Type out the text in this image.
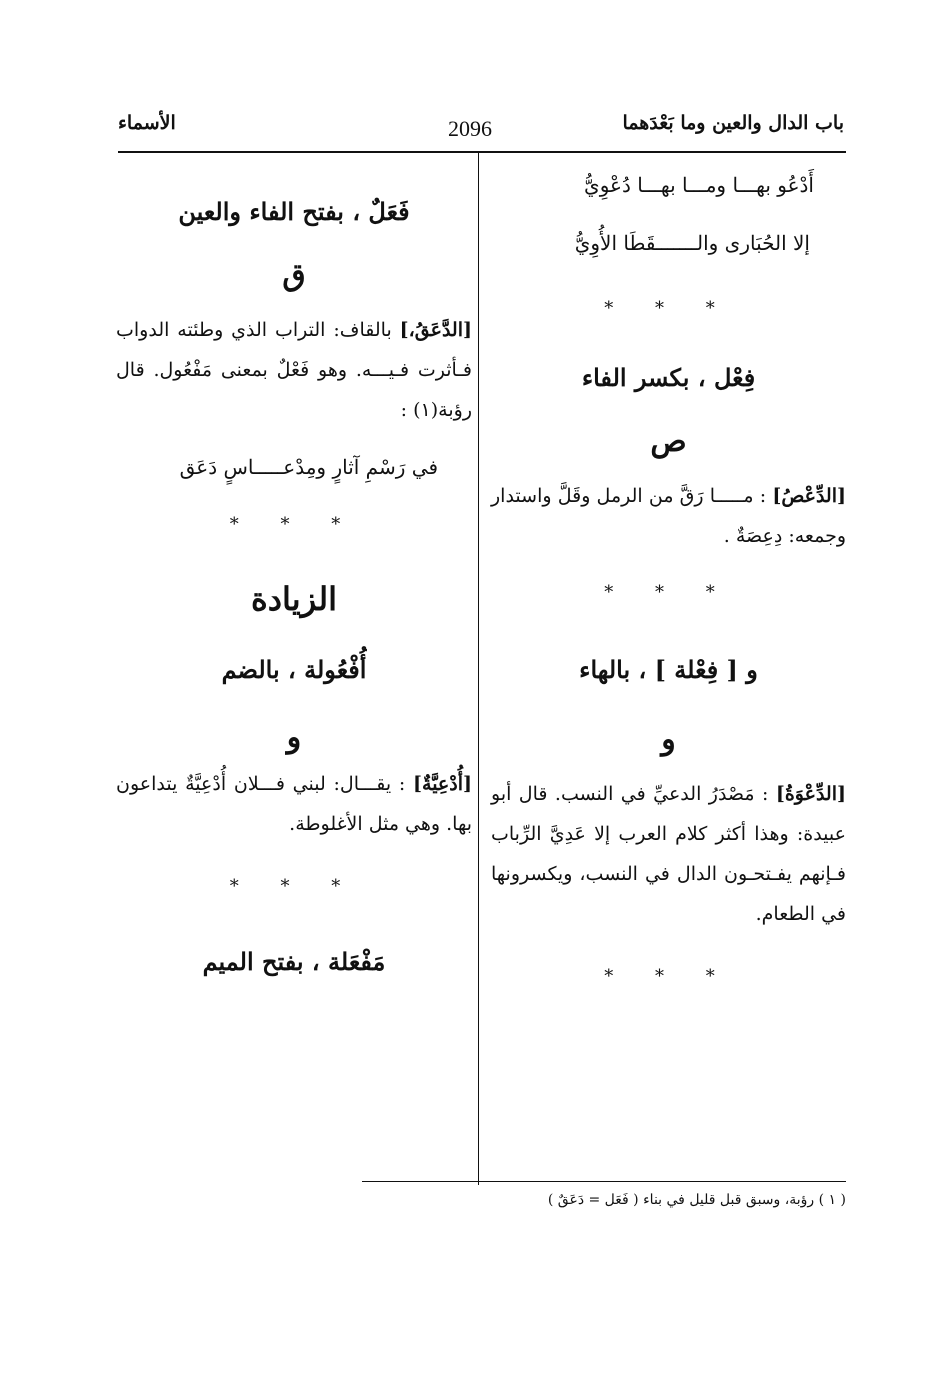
باب الدال والعين وما بَعْدَهما
2096
الأسماء

أَدْعُو بهـــا ومـــا بهـــا دُعْوِيُّ

إلا الحُبَارى والـــــــقَطَا الأُوِيُّ

* * *

فِعْل ، بكسر الفاء

ص

[الدِّعْصُ] : مـــــا رَقَّ من الرمل وقَلَّ واستدار وجمعه: دِعِصَةٌ .

* * *

و [ فِعْلة ] ، بالهاء

و

[الدِّعْوَةُ] : مَصْدَرُ الدعيِّ في النسب. قال أبو عبيدة: وهذا أكثر كلام العرب إلا عَدِيَّ الرِّباب فـإنهم يفـتحـون الدال في النسب، ويكسرونها في الطعام.

* * *

فَعَلٌ ، بفتح الفاء والعين

ق

[الدَّعَقُ،] بالقاف: التراب الذي وطئته الدواب فـأثرت فـيـــه. وهو فَعْلٌ بمعنى مَفْعُول. قال رؤبة(١) :

في رَسْمِ آثارٍ ومِدْعـــــاسٍ دَعَق

* * *

الزيادة

أُفْعُولة ، بالضم

و

[أُدْعِيَّةٌ] : يقـــال: لبني فـــلان أُدْعِيَّةٌ يتداعون بها. وهي مثل الأغلوطة.

* * *

مَفْعَلة ، بفتح الميم

( ١ ) رؤبة، وسبق قبل قليل في بناء ( فَعَل = دَعَقٌ )
